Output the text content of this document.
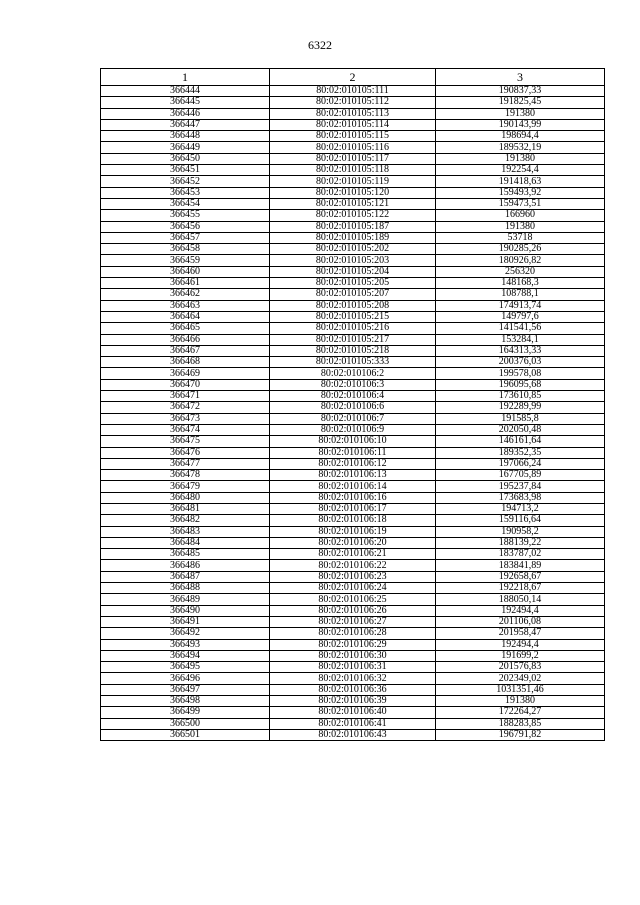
6322
1	2	3
366444	80:02:010105:111	190837,33
366445	80:02:010105:112	191825,45
366446	80:02:010105:113	191380
366447	80:02:010105:114	190143,99
366448	80:02:010105:115	198694,4
366449	80:02:010105:116	189532,19
366450	80:02:010105:117	191380
366451	80:02:010105:118	192254,4
366452	80:02:010105:119	191418,63
366453	80:02:010105:120	159493,92
366454	80:02:010105:121	159473,51
366455	80:02:010105:122	166960
366456	80:02:010105:187	191380
366457	80:02:010105:189	53718
366458	80:02:010105:202	190285,26
366459	80:02:010105:203	180926,82
366460	80:02:010105:204	256320
366461	80:02:010105:205	148168,3
366462	80:02:010105:207	108788,1
366463	80:02:010105:208	174913,74
366464	80:02:010105:215	149797,6
366465	80:02:010105:216	141541,56
366466	80:02:010105:217	153284,1
366467	80:02:010105:218	164313,33
366468	80:02:010105:333	200376,03
366469	80:02:010106:2	199578,08
366470	80:02:010106:3	196095,68
366471	80:02:010106:4	173610,85
366472	80:02:010106:6	192289,99
366473	80:02:010106:7	191585,8
366474	80:02:010106:9	202050,48
366475	80:02:010106:10	146161,64
366476	80:02:010106:11	189352,35
366477	80:02:010106:12	197066,24
366478	80:02:010106:13	167705,89
366479	80:02:010106:14	195237,84
366480	80:02:010106:16	173683,98
366481	80:02:010106:17	194713,2
366482	80:02:010106:18	159116,64
366483	80:02:010106:19	190958,2
366484	80:02:010106:20	188139,22
366485	80:02:010106:21	183787,02
366486	80:02:010106:22	183841,89
366487	80:02:010106:23	192658,67
366488	80:02:010106:24	192218,67
366489	80:02:010106:25	188050,14
366490	80:02:010106:26	192494,4
366491	80:02:010106:27	201106,08
366492	80:02:010106:28	201958,47
366493	80:02:010106:29	192494,4
366494	80:02:010106:30	191699,2
366495	80:02:010106:31	201576,83
366496	80:02:010106:32	202349,02
366497	80:02:010106:36	1031351,46
366498	80:02:010106:39	191380
366499	80:02:010106:40	172264,27
366500	80:02:010106:41	188283,85
366501	80:02:010106:43	196791,82
